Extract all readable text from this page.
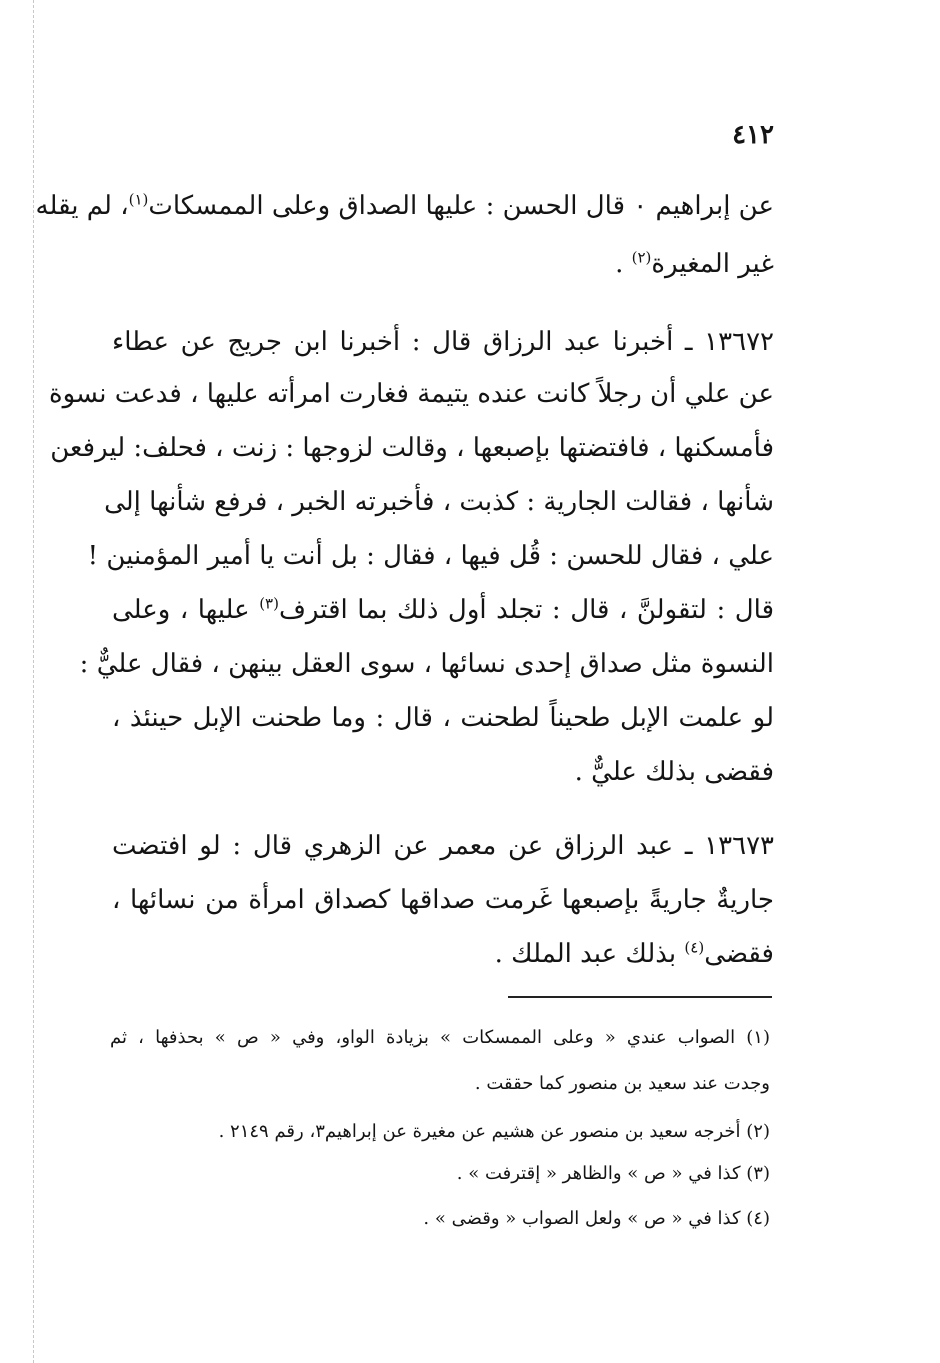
٤١٢
عن إبراهيم ٠ قال الحسن : عليها الصداق وعلى الممسكات$^{(١)}$، لم يقله
غير المغيرة$^{(٢)}$ .
١٣٦٧٢ ـ أخبرنا عبد الرزاق قال : أخبرنا ابن جريج عن عطاء
عن علي أن رجلاً كانت عنده يتيمة فغارت امرأته عليها ، فدعت نسوة
فأمسكنها ، فافتضتها بإصبعها ، وقالت لزوجها : زنت ، فحلف: ليرفعن
شأنها ، فقالت الجارية : كذبت ، فأخبرته الخبر ، فرفع شأنها إلى
علي ، فقال للحسن : قُل فيها ، فقال : بل أنت يا أمير المؤمنين !
قال : لتقولنَّ ، قال : تجلد أول ذلك بما اقترف$^{(٣)}$ عليها ، وعلى
النسوة مثل صداق إحدى نسائها ، سوى العقل بينهن ، فقال عليٌّ :
لو علمت الإبل طحيناً لطحنت ، قال : وما طحنت الإبل حينئذ ،
فقضى بذلك عليٌّ .
١٣٦٧٣ ـ عبد الرزاق عن معمر عن الزهري قال : لو افتضت
جاريةٌ جاريةً بإصبعها غَرمت صداقها كصداق امرأة من نسائها ،
فقضى$^{(٤)}$ بذلك عبد الملك .
(١) الصواب عندي « وعلى الممسكات » بزيادة الواو، وفي « ص » بحذفها ، ثم
وجدت عند سعيد بن منصور كما حققت .
(٢) أخرجه سعيد بن منصور عن هشيم عن مغيرة عن إبراهيم٣، رقم ٢١٤٩ .
(٣) كذا في « ص » والظاهر « إقترفت » .
(٤) كذا في « ص » ولعل الصواب « وقضى » .
